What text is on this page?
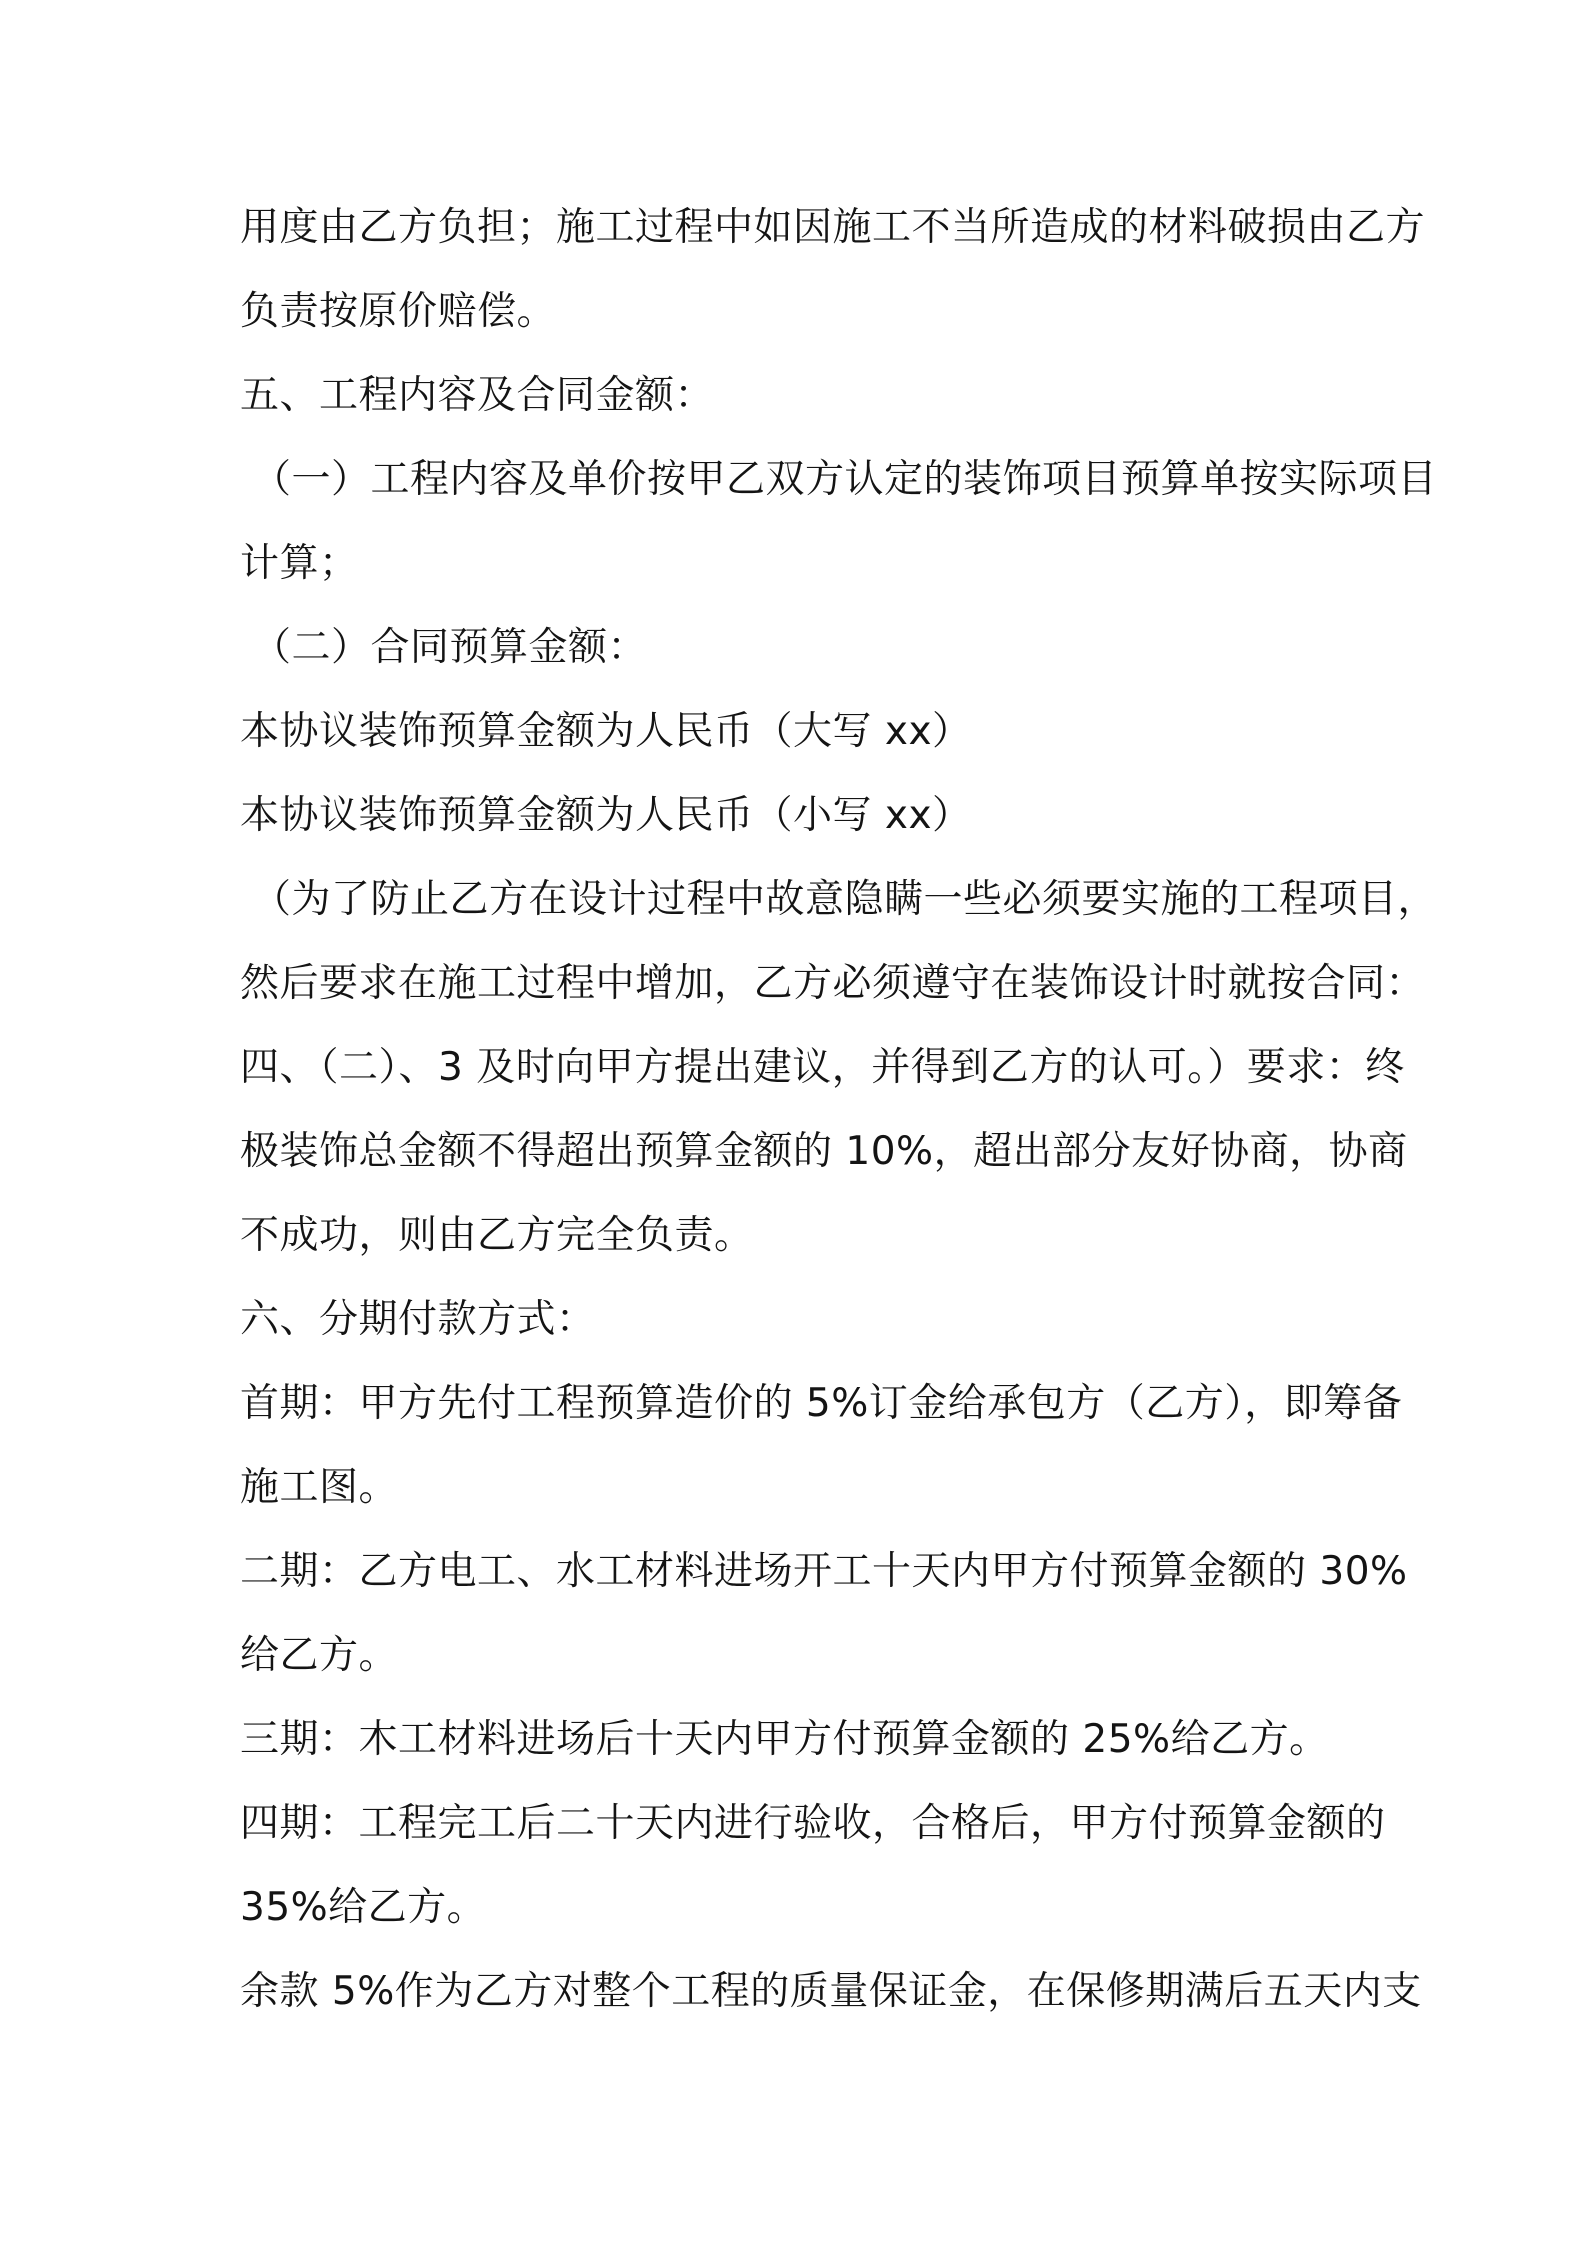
用度由乙方负担；施工过程中如因施工不当所造成的材料破损由乙方
负责按原价赔偿。
五、工程内容及合同金额：
（一）工程内容及单价按甲乙双方认定的装饰项目预算单按实际项目
计算；
（二）合同预算金额：
本协议装饰预算金额为人民币（大写 xx）
本协议装饰预算金额为人民币（小写 xx）
（为了防止乙方在设计过程中故意隐瞒一些必须要实施的工程项目，
然后要求在施工过程中增加，乙方必须遵守在装饰设计时就按合同：
四、（二）、3 及时向甲方提出建议，并得到乙方的认可。）要求：终
极装饰总金额不得超出预算金额的 10%，超出部分友好协商，协商
不成功，则由乙方完全负责。
六、分期付款方式：
首期：甲方先付工程预算造价的 5%订金给承包方（乙方），即筹备
施工图。
二期：乙方电工、水工材料进场开工十天内甲方付预算金额的 30%
给乙方。
三期：木工材料进场后十天内甲方付预算金额的 25%给乙方。
四期：工程完工后二十天内进行验收，合格后，甲方付预算金额的
35%给乙方。
余款 5%作为乙方对整个工程的质量保证金，在保修期满后五天内支
